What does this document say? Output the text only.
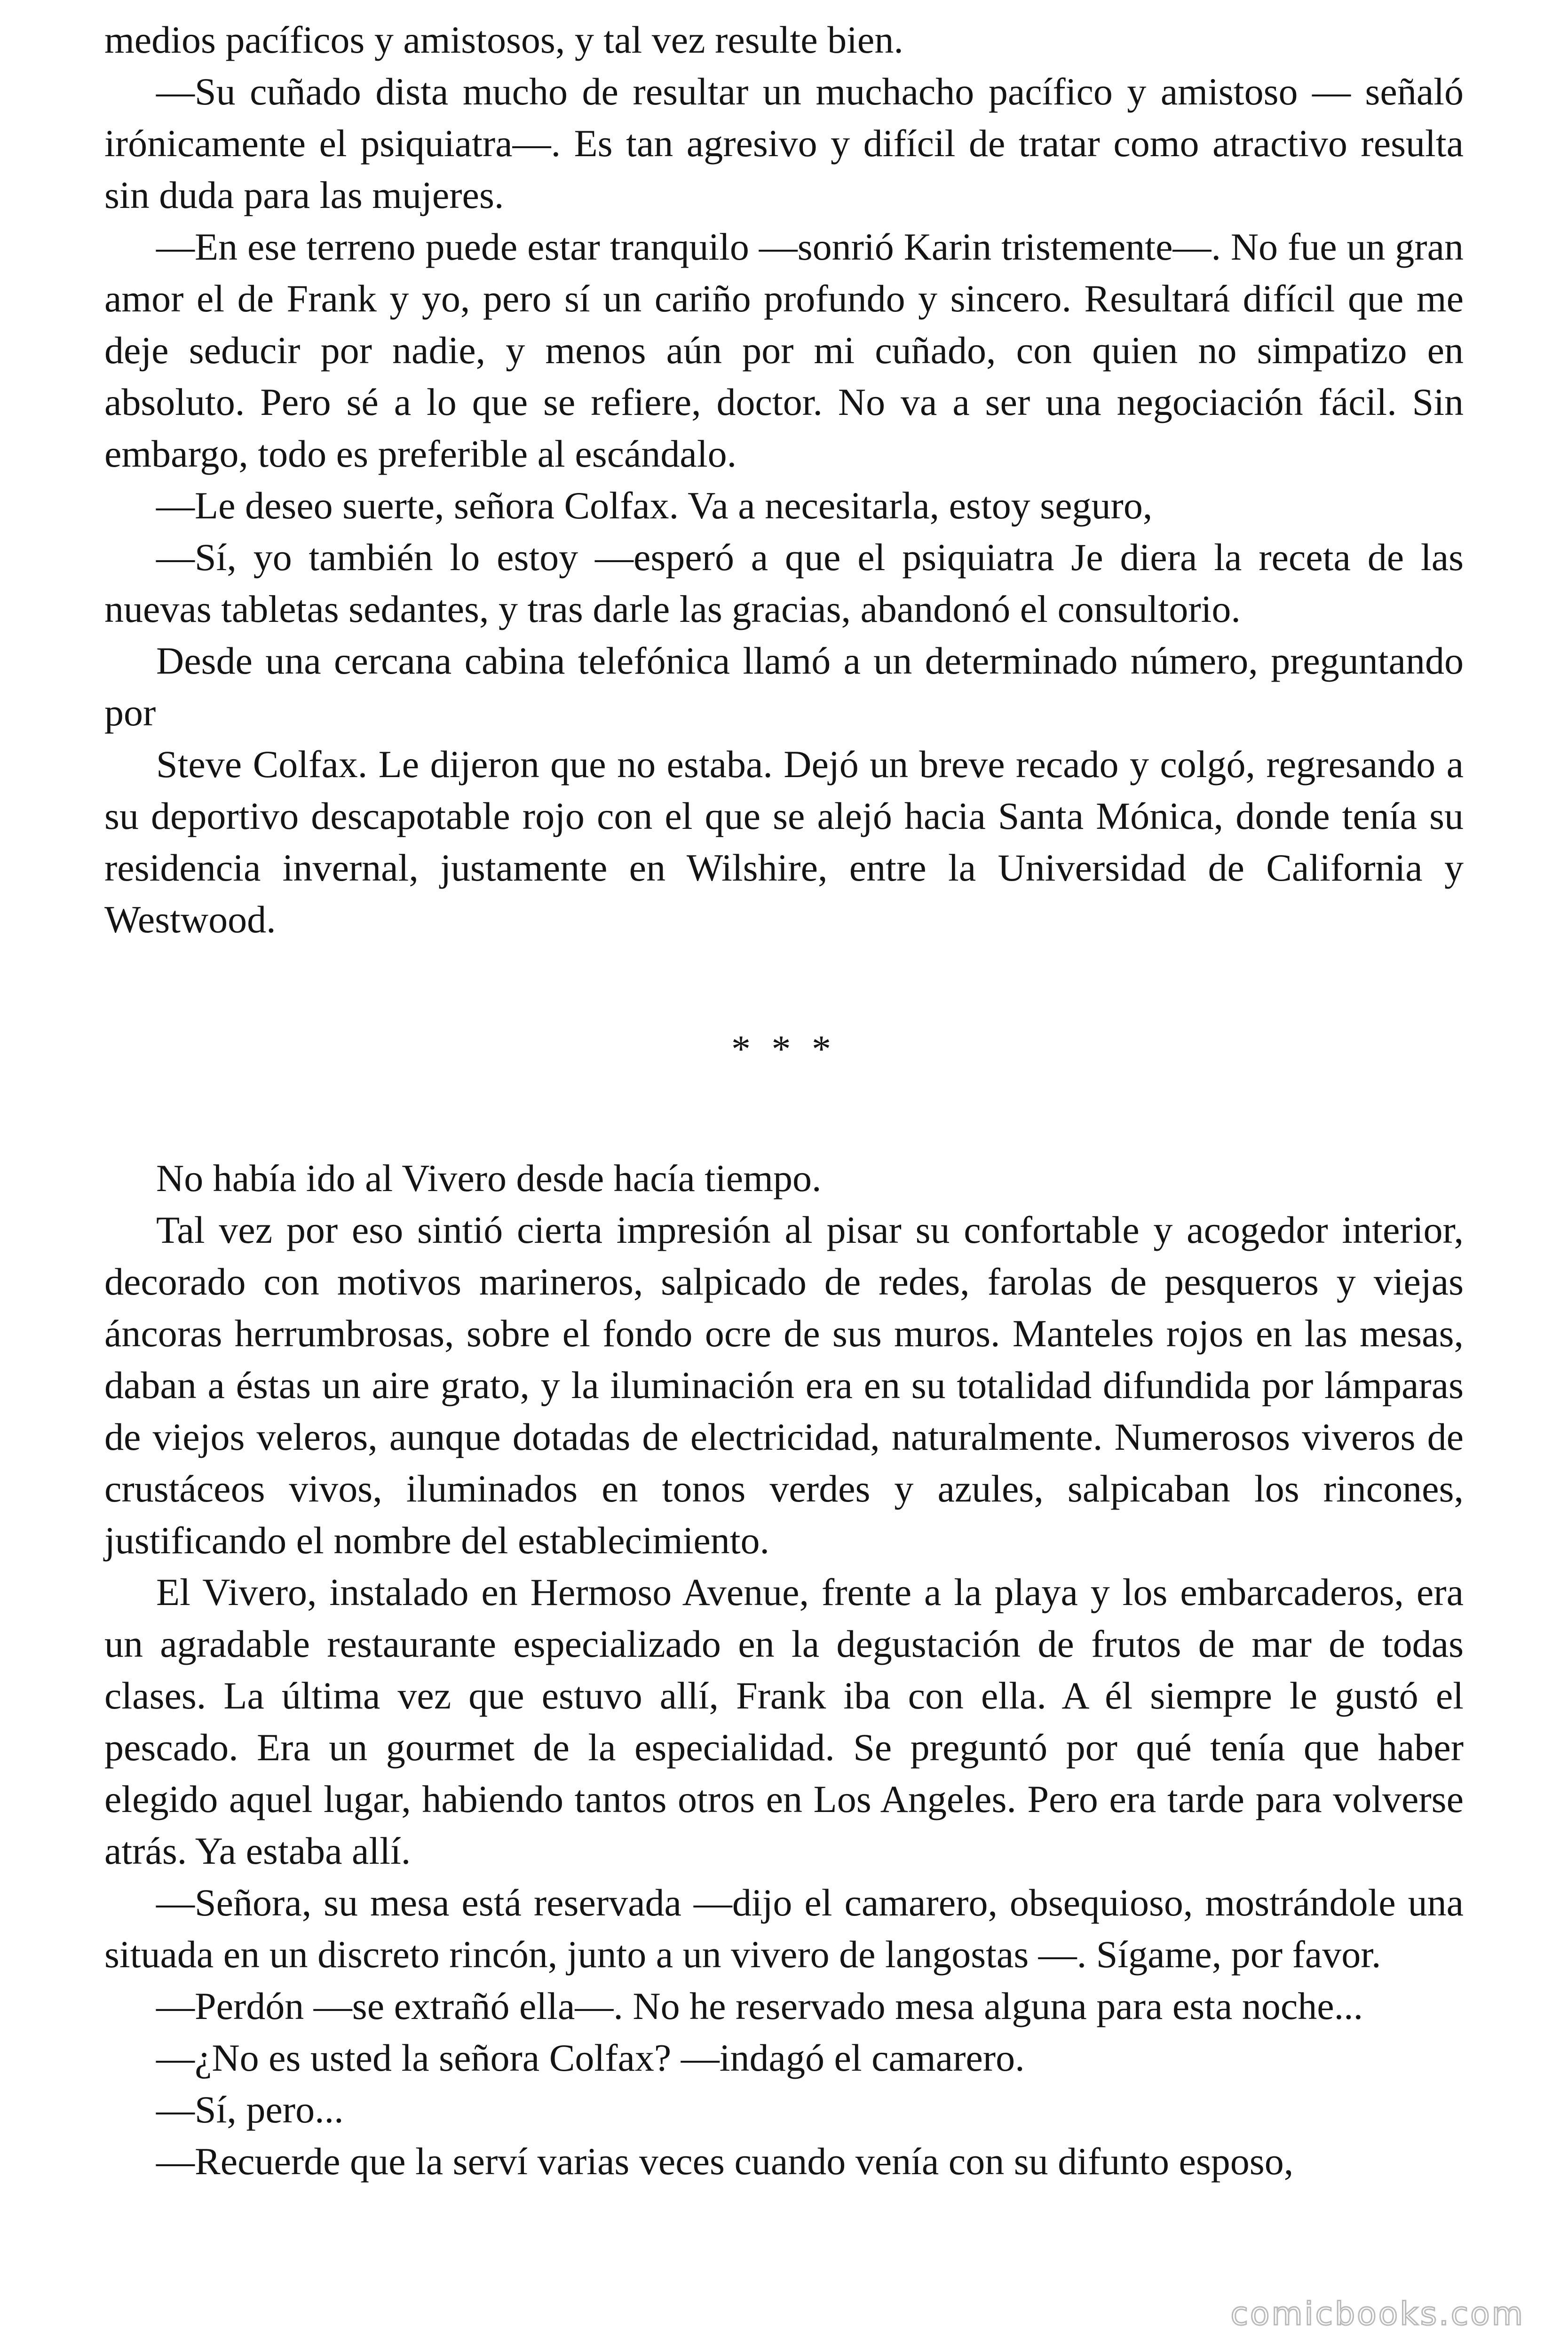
medios pacíficos y amistosos, y tal vez resulte bien.

—Su cuñado dista mucho de resultar un muchacho pacífico y amistoso — señaló irónicamente el psiquiatra—. Es tan agresivo y difícil de tratar como atractivo resulta sin duda para las mujeres.

—En ese terreno puede estar tranquilo —sonrió Karin tristemente—. No fue un gran amor el de Frank y yo, pero sí un cariño profundo y sincero. Resultará difícil que me deje seducir por nadie, y menos aún por mi cuñado, con quien no simpatizo en absoluto. Pero sé a lo que se refiere, doctor. No va a ser una negociación fácil. Sin embargo, todo es preferible al escándalo.

—Le deseo suerte, señora Colfax. Va a necesitarla, estoy seguro,

—Sí, yo también lo estoy —esperó a que el psiquiatra Je diera la receta de las nuevas tabletas sedantes, y tras darle las gracias, abandonó el consultorio.

Desde una cercana cabina telefónica llamó a un determinado número, preguntando por

Steve Colfax. Le dijeron que no estaba. Dejó un breve recado y colgó, regresando a su deportivo descapotable rojo con el que se alejó hacia Santa Mónica, donde tenía su residencia invernal, justamente en Wilshire, entre la Universidad de California y Westwood.

* * *

No había ido al Vivero desde hacía tiempo.

Tal vez por eso sintió cierta impresión al pisar su confortable y acogedor interior, decorado con motivos marineros, salpicado de redes, farolas de pesqueros y viejas áncoras herrumbrosas, sobre el fondo ocre de sus muros. Manteles rojos en las mesas, daban a éstas un aire grato, y la iluminación era en su totalidad difundida por lámparas de viejos veleros, aunque dotadas de electricidad, naturalmente. Numerosos viveros de crustáceos vivos, iluminados en tonos verdes y azules, salpicaban los rincones, justificando el nombre del establecimiento.

El Vivero, instalado en Hermoso Avenue, frente a la playa y los embarcaderos, era un agradable restaurante especializado en la degustación de frutos de mar de todas clases. La última vez que estuvo allí, Frank iba con ella. A él siempre le gustó el pescado. Era un gourmet de la especialidad. Se preguntó por qué tenía que haber elegido aquel lugar, habiendo tantos otros en Los Angeles. Pero era tarde para volverse atrás. Ya estaba allí.

—Señora, su mesa está reservada —dijo el camarero, obsequioso, mostrándole una situada en un discreto rincón, junto a un vivero de langostas —. Sígame, por favor.

—Perdón —se extrañó ella—. No he reservado mesa alguna para esta noche...

—¿No es usted la señora Colfax? —indagó el camarero.

—Sí, pero...

—Recuerde que la serví varias veces cuando venía con su difunto esposo,

comicbooks.com
